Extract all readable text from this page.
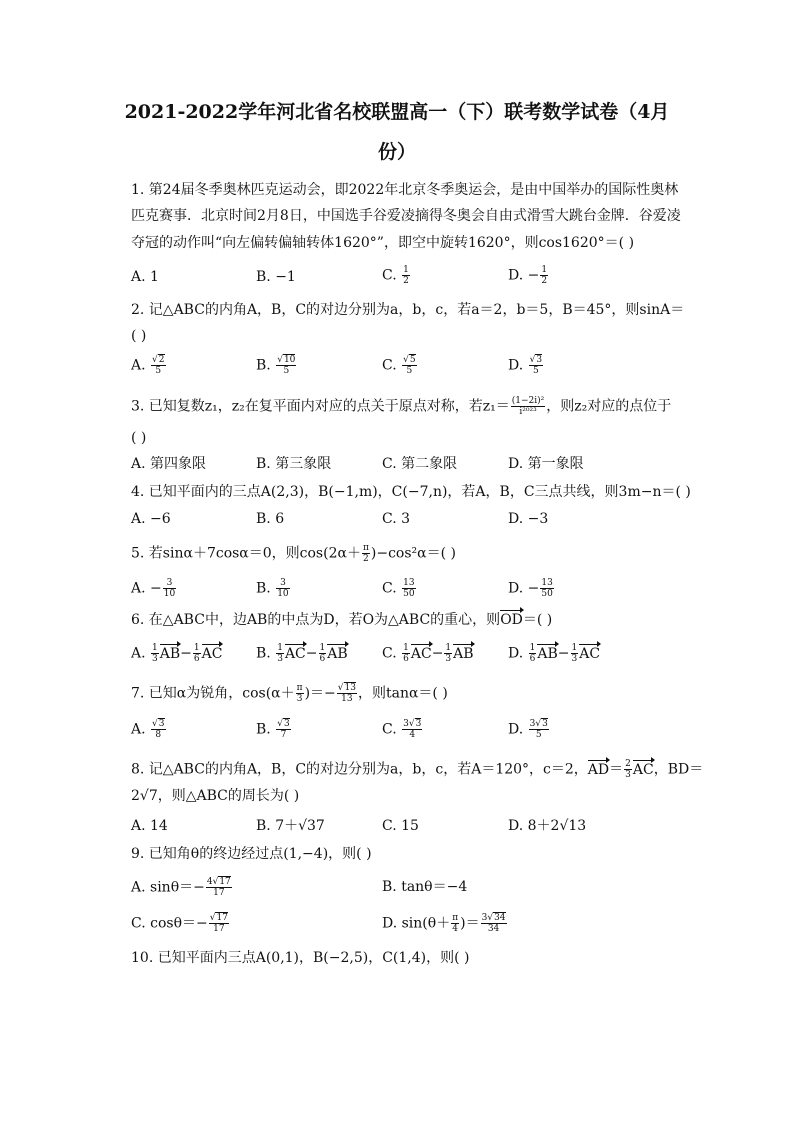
2021-2022学年河北省名校联盟高一（下）联考数学试卷（4月
份）
1. 第24届冬季奥林匹克运动会，即2022年北京冬季奥运会，是由中国举办的国际性奥林
匹克赛事．北京时间2月8日，中国选手谷爱凌摘得冬奥会自由式滑雪大跳台金牌．谷爱凌
夺冠的动作叫“向左偏转偏轴转体1620°”，即空中旋转1620°，则cos1620°＝( )
A. 1	B. −1	C. $\frac{1}{2}$	D. − $\frac{1}{2}$
2. 记△ABC的内角A，B，C的对边分别为a，b，c，若a＝2，b＝5，B＝45°，则sinA＝
( )
A. $\frac{√2}{5}$	B. $\frac{√10}{5}$	C. $\frac{√5}{5}$	D. $\frac{√3}{5}$
3. 已知复数z₁，z₂在复平面内对应的点关于原点对称，若$z_1= \frac{\text{(1−2i)²}}{\text{i²⁰²³}}$ ，则z₂对应的点位于
( )
A. 第四象限	B. 第三象限	C. 第二象限	D. 第一象限
4. 已知平面内的三点A(2,3)，B(−1,m)，C(−7,n)，若A，B，C三点共线，则3m−n＝( )
A. −6	B. 6	C. 3	D. −3
5. 若sinα＋7cosα＝0，则$\cos(2\alpha+ \frac{\pi}{2} )-\cos^2\alpha=$( )
A. − $\frac{3}{10}$	B. $\frac{3}{10}$	C. $\frac{13}{50}$	D. − $\frac{13}{50}$
6. 在△ABC中，边AB的中点为D，若O为△ABC的重心，则OD＝( )
A. $\frac{1}{3} AB- \frac{1}{6}$ AC B. $\frac{1}{3} AC- \frac{1}{6}$ AB C. $\frac{1}{6} AC- \frac{1}{3}$ AB D. $\frac{1}{6} AB- \frac{1}{3}$ AC
7. 已知α为锐角，$\cos(\alpha+ \frac{\pi}{3}$ )＝− $\frac{√13}{13}$ ，则tanα＝( )
A. $\frac{√3}{8}$	B. $\frac{√3}{7}$	C. $\frac{3√3}{4}$	D. $\frac{3√3}{5}$
8. 记△ABC的内角A，B，C的对边分别为a，b，c，若A＝120°，c＝2，$AD= \frac{2}{3}$ AC，BD＝
2√7，则△ABC的周长为( )
A. 14	B. 7＋√37	C. 15	D. 8＋2√13
9. 已知角θ的终边经过点(1,−4)，则( )
A. $\sin\theta=- \frac{4√17}{17}$	B. tanθ＝−4
C. $\cos\theta=- \frac{√17}{17}$	D. $\sin(\theta+ \frac{\pi}{4}$ )＝ $\frac{3√34}{34}$
10. 已知平面内三点A(0,1)，B(−2,5)，C(1,4)，则( )
